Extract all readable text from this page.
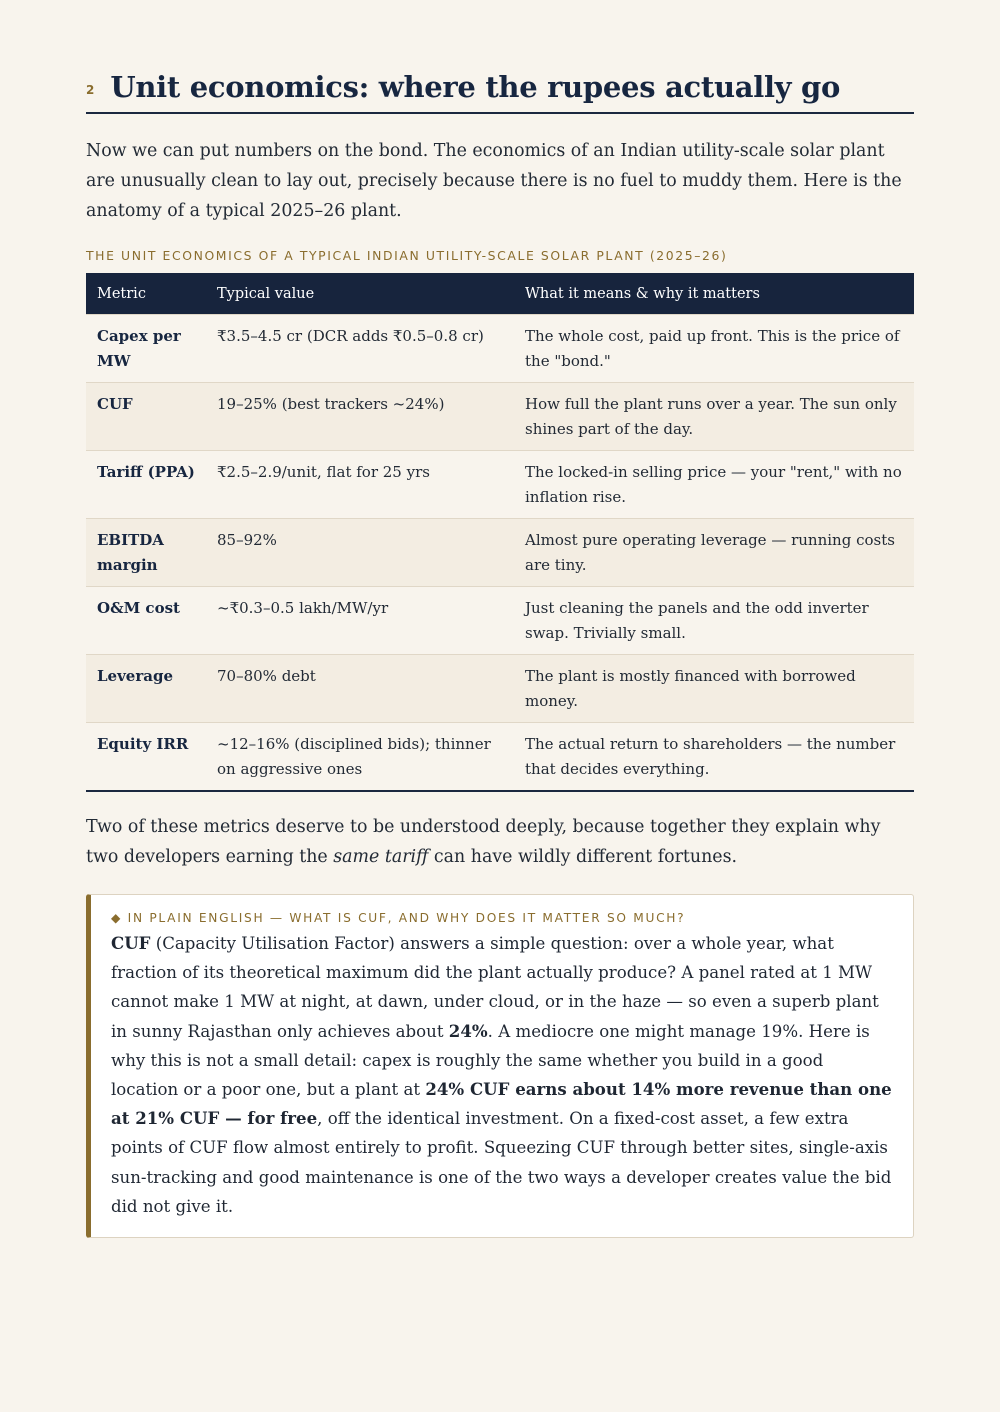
2 Unit economics: where the rupees actually go

Now we can put numbers on the bond. The economics of an Indian utility-scale solar plant are unusually clean to lay out, precisely because there is no fuel to muddy them. Here is the anatomy of a typical 2025–26 plant.

THE UNIT ECONOMICS OF A TYPICAL INDIAN UTILITY-SCALE SOLAR PLANT (2025–26)
Metric	Typical value	What it means & why it matters
Capex per MW	₹3.5–4.5 cr (DCR adds ₹0.5–0.8 cr)	The whole cost, paid up front. This is the price of the "bond."
CUF	19–25% (best trackers ~24%)	How full the plant runs over a year. The sun only shines part of the day.
Tariff (PPA)	₹2.5–2.9/unit, flat for 25 yrs	The locked-in selling price — your "rent," with no inflation rise.
EBITDA margin	85–92%	Almost pure operating leverage — running costs are tiny.
O&M cost	~₹0.3–0.5 lakh/MW/yr	Just cleaning the panels and the odd inverter swap. Trivially small.
Leverage	70–80% debt	The plant is mostly financed with borrowed money.
Equity IRR	~12–16% (disciplined bids); thinner on aggressive ones	The actual return to shareholders — the number that decides everything.

Two of these metrics deserve to be understood deeply, because together they explain why two developers earning the same tariff can have wildly different fortunes.

◆ IN PLAIN ENGLISH — WHAT IS CUF, AND WHY DOES IT MATTER SO MUCH?

CUF (Capacity Utilisation Factor) answers a simple question: over a whole year, what fraction of its theoretical maximum did the plant actually produce? A panel rated at 1 MW cannot make 1 MW at night, at dawn, under cloud, or in the haze — so even a superb plant in sunny Rajasthan only achieves about 24%. A mediocre one might manage 19%. Here is why this is not a small detail: capex is roughly the same whether you build in a good location or a poor one, but a plant at 24% CUF earns about 14% more revenue than one at 21% CUF — for free, off the identical investment. On a fixed-cost asset, a few extra points of CUF flow almost entirely to profit. Squeezing CUF through better sites, single-axis sun-tracking and good maintenance is one of the two ways a developer creates value the bid did not give it.
